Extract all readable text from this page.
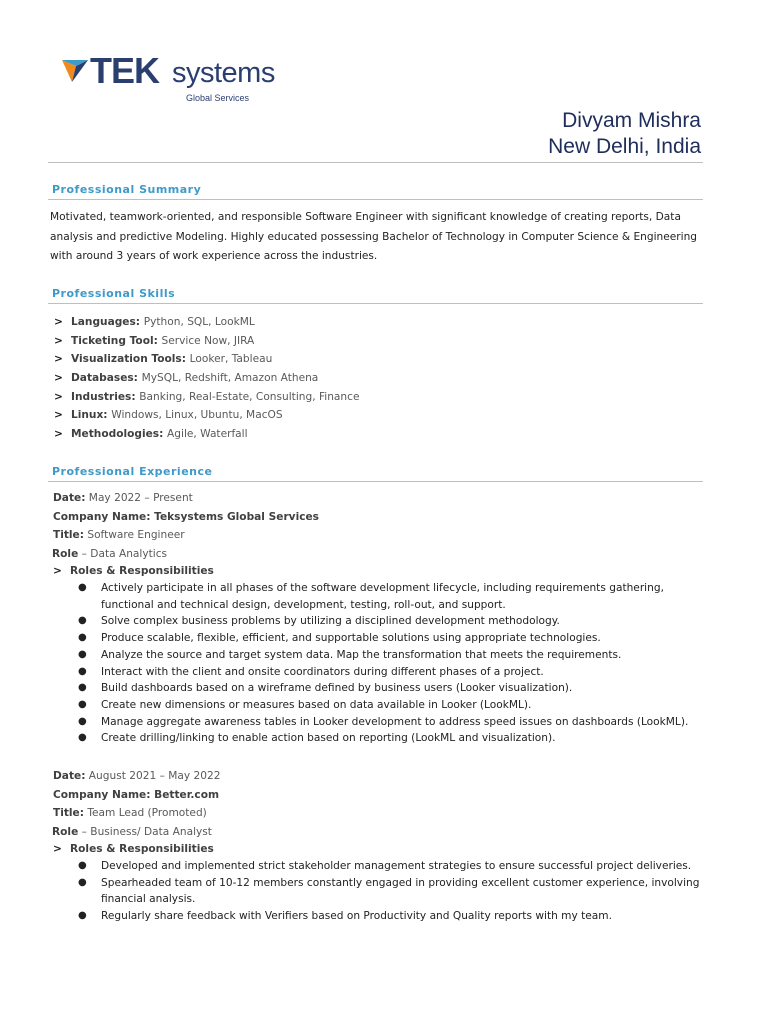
TEK systems
Global Services
Divyam Mishra
New Delhi, India
Professional Summary
Motivated, teamwork-oriented, and responsible Software Engineer with significant knowledge of creating reports, Data analysis and predictive Modeling. Highly educated possessing Bachelor of Technology in Computer Science & Engineering with around 3 years of work experience across the industries.
Professional Skills
> Languages: Python, SQL, LookML
> Ticketing Tool: Service Now, JIRA
> Visualization Tools: Looker, Tableau
> Databases: MySQL, Redshift, Amazon Athena
> Industries: Banking, Real-Estate, Consulting, Finance
> Linux: Windows, Linux, Ubuntu, MacOS
> Methodologies: Agile, Waterfall
Professional Experience
Date: May 2022 – Present
Company Name: Teksystems Global Services
Title: Software Engineer
Role – Data Analytics
> Roles & Responsibilities
● Actively participate in all phases of the software development lifecycle, including requirements gathering, functional and technical design, development, testing, roll-out, and support.
● Solve complex business problems by utilizing a disciplined development methodology.
● Produce scalable, flexible, efficient, and supportable solutions using appropriate technologies.
● Analyze the source and target system data. Map the transformation that meets the requirements.
● Interact with the client and onsite coordinators during different phases of a project.
● Build dashboards based on a wireframe defined by business users (Looker visualization).
● Create new dimensions or measures based on data available in Looker (LookML).
● Manage aggregate awareness tables in Looker development to address speed issues on dashboards (LookML).
● Create drilling/linking to enable action based on reporting (LookML and visualization).
Date: August 2021 – May 2022
Company Name: Better.com
Title: Team Lead (Promoted)
Role – Business/ Data Analyst
> Roles & Responsibilities
● Developed and implemented strict stakeholder management strategies to ensure successful project deliveries.
● Spearheaded team of 10-12 members constantly engaged in providing excellent customer experience, involving financial analysis.
● Regularly share feedback with Verifiers based on Productivity and Quality reports with my team.
